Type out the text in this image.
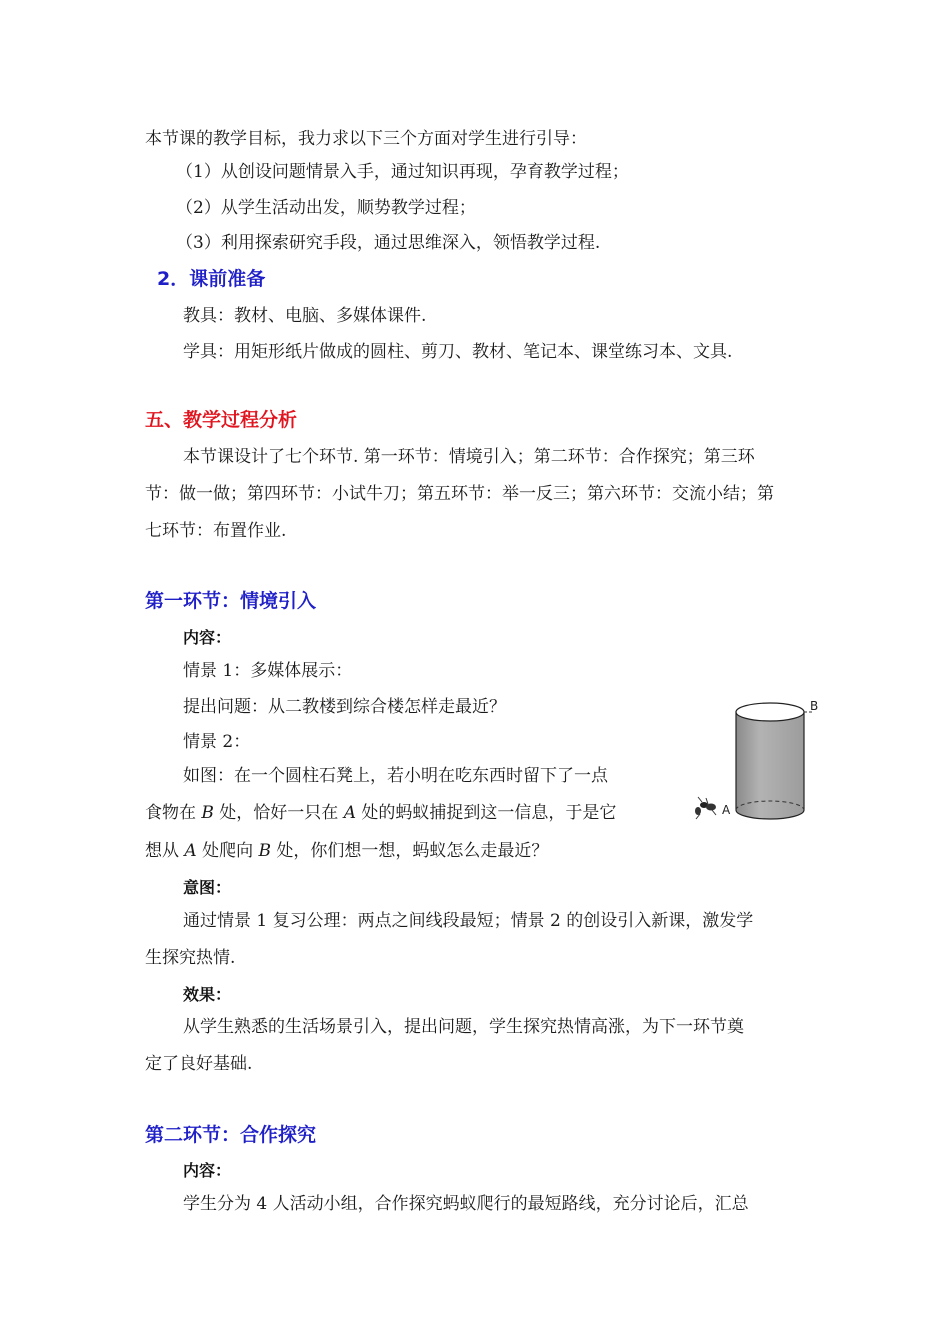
本节课的教学目标，我力求以下三个方面对学生进行引导：
（1）从创设问题情景入手，通过知识再现，孕育教学过程；
（2）从学生活动出发，顺势教学过程；
（3）利用探索研究手段，通过思维深入，领悟教学过程.
2．课前准备
教具：教材、电脑、多媒体课件.
学具：用矩形纸片做成的圆柱、剪刀、教材、笔记本、课堂练习本、文具.
五、教学过程分析
本节课设计了七个环节. 第一环节：情境引入；第二环节：合作探究；第三环
节：做一做；第四环节：小试牛刀；第五环节：举一反三；第六环节：交流小结；第
七环节：布置作业.
第一环节：情境引入
内容：
情景 1：多媒体展示：
提出问题：从二教楼到综合楼怎样走最近？
情景 2：
如图：在一个圆柱石凳上，若小明在吃东西时留下了一点
食物在 B 处，恰好一只在 A 处的蚂蚁捕捉到这一信息，于是它
想从 A 处爬向 B 处，你们想一想，蚂蚁怎么走最近？
意图：
通过情景 1 复习公理：两点之间线段最短；情景 2 的创设引入新课，激发学
生探究热情.
效果：
从学生熟悉的生活场景引入，提出问题，学生探究热情高涨，为下一环节奠
定了良好基础.
第二环节：合作探究
内容：
学生分为 4 人活动小组，合作探究蚂蚁爬行的最短路线，充分讨论后，汇总
B
A
